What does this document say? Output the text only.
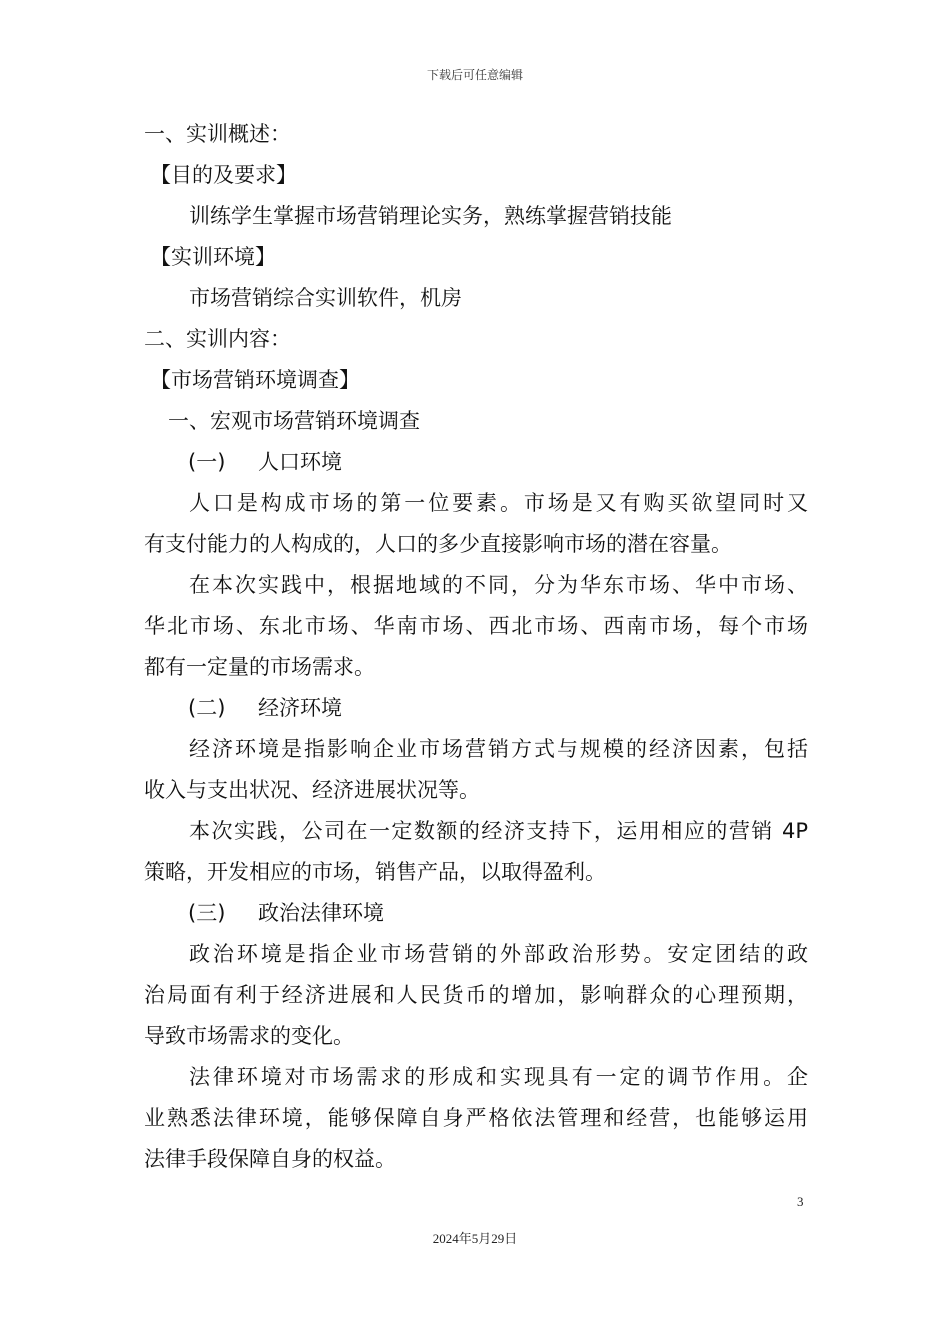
下载后可任意编辑
一、实训概述：
【目的及要求】
训练学生掌握市场营销理论实务，熟练掌握营销技能
【实训环境】
市场营销综合实训软件，机房
二、实训内容：
【市场营销环境调查】
一、宏观市场营销环境调查
(一) 人口环境
人口是构成市场的第一位要素。市场是又有购买欲望同时又
有支付能力的人构成的，人口的多少直接影响市场的潜在容量。
在本次实践中，根据地域的不同，分为华东市场、华中市场、
华北市场、东北市场、华南市场、西北市场、西南市场，每个市场
都有一定量的市场需求。
(二) 经济环境
经济环境是指影响企业市场营销方式与规模的经济因素，包括
收入与支出状况、经济进展状况等。
本次实践，公司在一定数额的经济支持下，运用相应的营销 4P
策略，开发相应的市场，销售产品，以取得盈利。
(三) 政治法律环境
政治环境是指企业市场营销的外部政治形势。安定团结的政
治局面有利于经济进展和人民货币的增加，影响群众的心理预期，
导致市场需求的变化。
法律环境对市场需求的形成和实现具有一定的调节作用。企
业熟悉法律环境，能够保障自身严格依法管理和经营，也能够运用
法律手段保障自身的权益。
3
2024年5月29日
